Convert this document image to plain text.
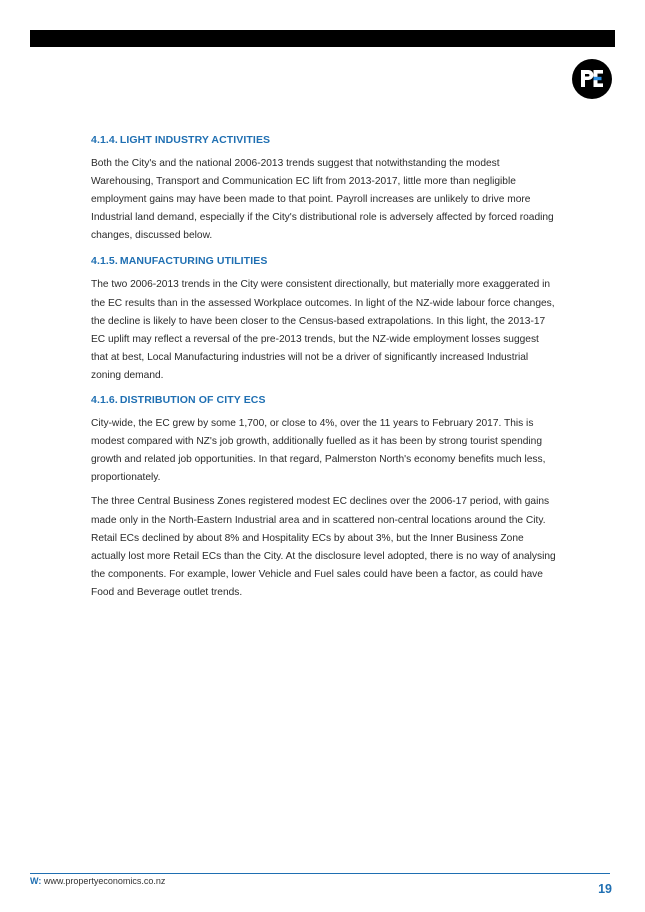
4.1.4. LIGHT INDUSTRY ACTIVITIES

Both the City's and the national 2006-2013 trends suggest that notwithstanding the modest Warehousing, Transport and Communication EC lift from 2013-2017, little more than negligible employment gains may have been made to that point. Payroll increases are unlikely to drive more Industrial land demand, especially if the City's distributional role is adversely affected by forced roading changes, discussed below.

4.1.5. MANUFACTURING UTILITIES

The two 2006-2013 trends in the City were consistent directionally, but materially more exaggerated in the EC results than in the assessed Workplace outcomes. In light of the NZ-wide labour force changes, the decline is likely to have been closer to the Census-based extrapolations. In this light, the 2013-17 EC uplift may reflect a reversal of the pre-2013 trends, but the NZ-wide employment losses suggest that at best, Local Manufacturing industries will not be a driver of significantly increased Industrial zoning demand.

4.1.6. DISTRIBUTION OF CITY ECS

City-wide, the EC grew by some 1,700, or close to 4%, over the 11 years to February 2017. This is modest compared with NZ's job growth, additionally fuelled as it has been by strong tourist spending growth and related job opportunities. In that regard, Palmerston North's economy benefits much less, proportionately.

The three Central Business Zones registered modest EC declines over the 2006-17 period, with gains made only in the North-Eastern Industrial area and in scattered non-central locations around the City. Retail ECs declined by about 8% and Hospitality ECs by about 3%, but the Inner Business Zone actually lost more Retail ECs than the City. At the disclosure level adopted, there is no way of analysing the components. For example, lower Vehicle and Fuel sales could have been a factor, as could have Food and Beverage outlet trends.

W: www.propertyeconomics.co.nz
19
